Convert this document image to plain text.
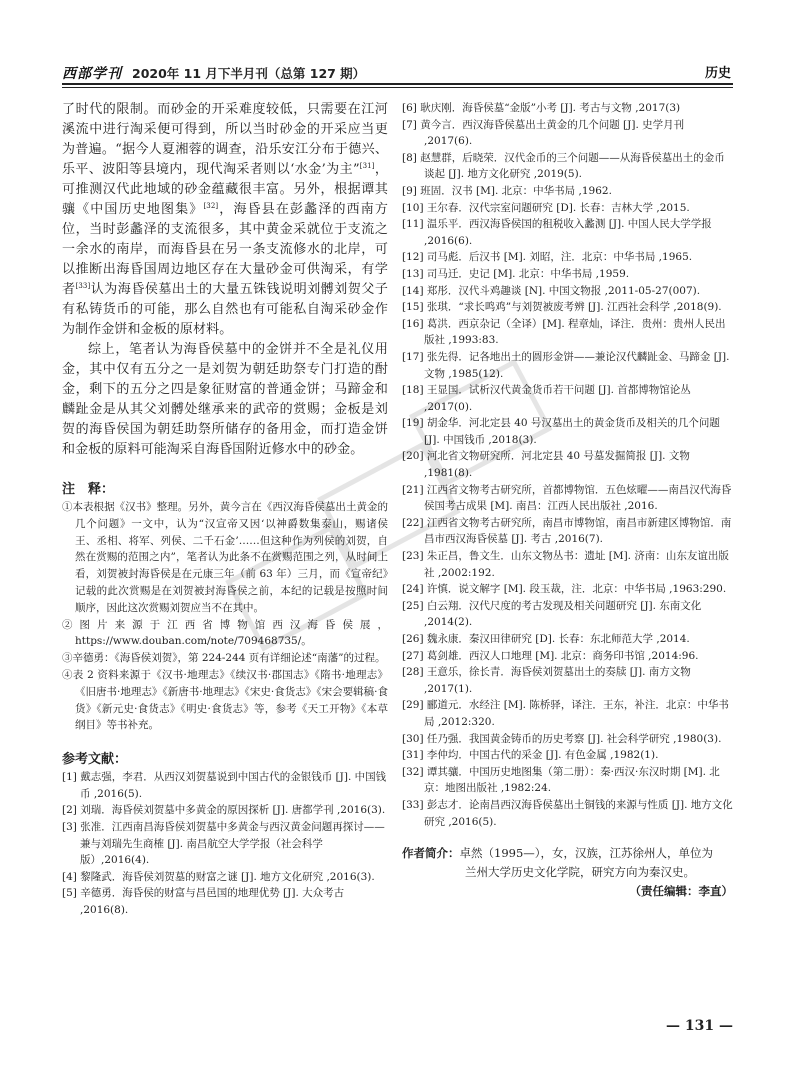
西部学刊 2020年 11 月下半月刊（总第 127 期）	历史

了时代的限制。而砂金的开采难度较低，只需要在江河溪流中进行淘采便可得到，所以当时砂金的开采应当更为普遍。“据今人夏湘蓉的调查，沿乐安江分布于德兴、乐平、波阳等县境内，现代淘采者则以‘水金’为主”[31]，可推测汉代此地域的砂金蕴藏很丰富。另外，根据谭其骧《中国历史地图集》[32]，海昏县在彭蠡泽的西南方位，当时彭蠡泽的支流很多，其中黄金采就位于支流之一余水的南岸，而海昏县在另一条支流修水的北岸，可以推断出海昏国周边地区存在大量砂金可供淘采，有学者[33]认为海昏侯墓出土的大量五铢钱说明刘髆刘贺父子有私铸货币的可能，那么自然也有可能私自淘采砂金作为制作金饼和金板的原材料。

综上，笔者认为海昏侯墓中的金饼并不全是礼仪用金，其中仅有五分之一是刘贺为朝廷助祭专门打造的酎金，剩下的五分之四是象征财富的普通金饼；马蹄金和麟趾金是从其父刘髆处继承来的武帝的赏赐；金板是刘贺的海昏侯国为朝廷助祭所储存的备用金，而打造金饼和金板的原料可能淘采自海昏国附近修水中的砂金。

注　释：

①本表根据《汉书》整理。另外，黄今言在《西汉海昏侯墓出土黄金的几个问题》一文中，认为“汉宣帝又因‘以神爵数集泰山，赐诸侯王、丞相、将军、列侯、二千石金’……但这种作为列侯的刘贺，自然在赏赐的范围之内”，笔者认为此条不在赏赐范围之列，从时间上看，刘贺被封海昏侯是在元康三年（前 63 年）三月，而《宣帝纪》记载的此次赏赐是在刘贺被封海昏侯之前，本纪的记载是按照时间顺序，因此这次赏赐刘贺应当不在其中。

②图片来源于江西省博物馆西汉海昏侯展，https://www.douban.com/note/709468735/。

③辛德勇：《海昏侯刘贺》，第 224-244 页有详细论述“南藩”的过程。

④表 2 资料来源于《汉书·地理志》《续汉书·郡国志》《隋书·地理志》《旧唐书·地理志》《新唐书·地理志》《宋史·食货志》《宋会要辑稿·食货》《新元史·食货志》《明史·食货志》等，参考《天工开物》《本草纲目》等书补充。

参考文献：

[1] 戴志强，李君．从西汉刘贺墓说到中国古代的金银钱币 [J]. 中国钱币 ,2016(5).

[2] 刘瑞．海昏侯刘贺墓中多黄金的原因探析 [J]. 唐都学刊 ,2016(3).

[3] 张准．江西南昌海昏侯刘贺墓中多黄金与西汉黄金问题再探讨——兼与刘瑞先生商榷 [J]. 南昌航空大学学报（社会科学版）,2016(4).

[4] 黎隆武．海昏侯刘贺墓的财富之谜 [J]. 地方文化研究 ,2016(3).

[5] 辛德勇．海昏侯的财富与昌邑国的地理优势 [J]. 大众考古 ,2016(8).

[6] 耿庆刚．海昏侯墓“金版”小考 [J]. 考古与文物 ,2017(3)

[7] 黄今言．西汉海昏侯墓出土黄金的几个问题 [J]. 史学月刊 ,2017(6).

[8] 赵慧群，后晓荣．汉代金币的三个问题——从海昏侯墓出土的金币谈起 [J]. 地方文化研究 ,2019(5).

[9] 班固．汉书 [M]. 北京：中华书局 ,1962.

[10] 王尔春．汉代宗室问题研究 [D]. 长春：吉林大学 ,2015.

[11] 温乐平．西汉海昏侯国的租税收入蠡测 [J]. 中国人民大学学报 ,2016(6).

[12] 司马彪．后汉书 [M]. 刘昭，注．北京：中华书局 ,1965.

[13] 司马迁．史记 [M]. 北京：中华书局 ,1959.

[14] 郑彤．汉代斗鸡趣谈 [N]. 中国文物报 ,2011-05-27(007).

[15] 张琪．“求长鸣鸡”与刘贺被废考辨 [J]. 江西社会科学 ,2018(9).

[16] 葛洪．西京杂记（全译）[M]. 程章灿，译注．贵州：贵州人民出版社 ,1993:83.

[17] 张先得．记各地出土的圆形金饼——兼论汉代麟趾金、马蹄金 [J]. 文物 ,1985(12).

[18] 王显国．试析汉代黄金货币若干问题 [J]. 首都博物馆论丛 ,2017(0).

[19] 胡金华．河北定县 40 号汉墓出土的黄金货币及相关的几个问题 [J]. 中国钱币 ,2018(3).

[20] 河北省文物研究所．河北定县 40 号墓发掘简报 [J]. 文物 ,1981(8).

[21] 江西省文物考古研究所，首都博物馆．五色炫曜——南昌汉代海昏侯国考古成果 [M]. 南昌：江西人民出版社 ,2016.

[22] 江西省文物考古研究所，南昌市博物馆，南昌市新建区博物馆．南昌市西汉海昏侯墓 [J]. 考古 ,2016(7).

[23] 朱正昌，鲁文生．山东文物丛书：遗址 [M]. 济南：山东友谊出版社 ,2002:192.

[24] 许慎．说文解字 [M]. 段玉裁，注．北京：中华书局 ,1963:290.

[25] 白云翔．汉代尺度的考古发现及相关问题研究 [J]. 东南文化 ,2014(2).

[26] 魏永康．秦汉田律研究 [D]. 长春：东北师范大学 ,2014.

[27] 葛剑雄．西汉人口地理 [M]. 北京：商务印书馆 ,2014:96.

[28] 王意乐，徐长青．海昏侯刘贺墓出土的奏牍 [J]. 南方文物 ,2017(1).

[29] 郦道元．水经注 [M]. 陈桥驿，译注．王东，补注．北京：中华书局 ,2012:320.

[30] 任乃强．我国黄金铸币的历史考察 [J]. 社会科学研究 ,1980(3).

[31] 李仲均．中国古代的采金 [J]. 有色金属 ,1982(1).

[32] 谭其骧．中国历史地图集（第二册）：秦·西汉·东汉时期 [M]. 北京：地图出版社 ,1982:24.

[33] 彭志才．论南昌西汉海昏侯墓出土铜钱的来源与性质 [J]. 地方文化研究 ,2016(5).

作者简介：卓然（1995—），女，汉族，江苏徐州人，单位为
兰州大学历史文化学院，研究方向为秦汉史。
（责任编辑：李直）
— 131 —
